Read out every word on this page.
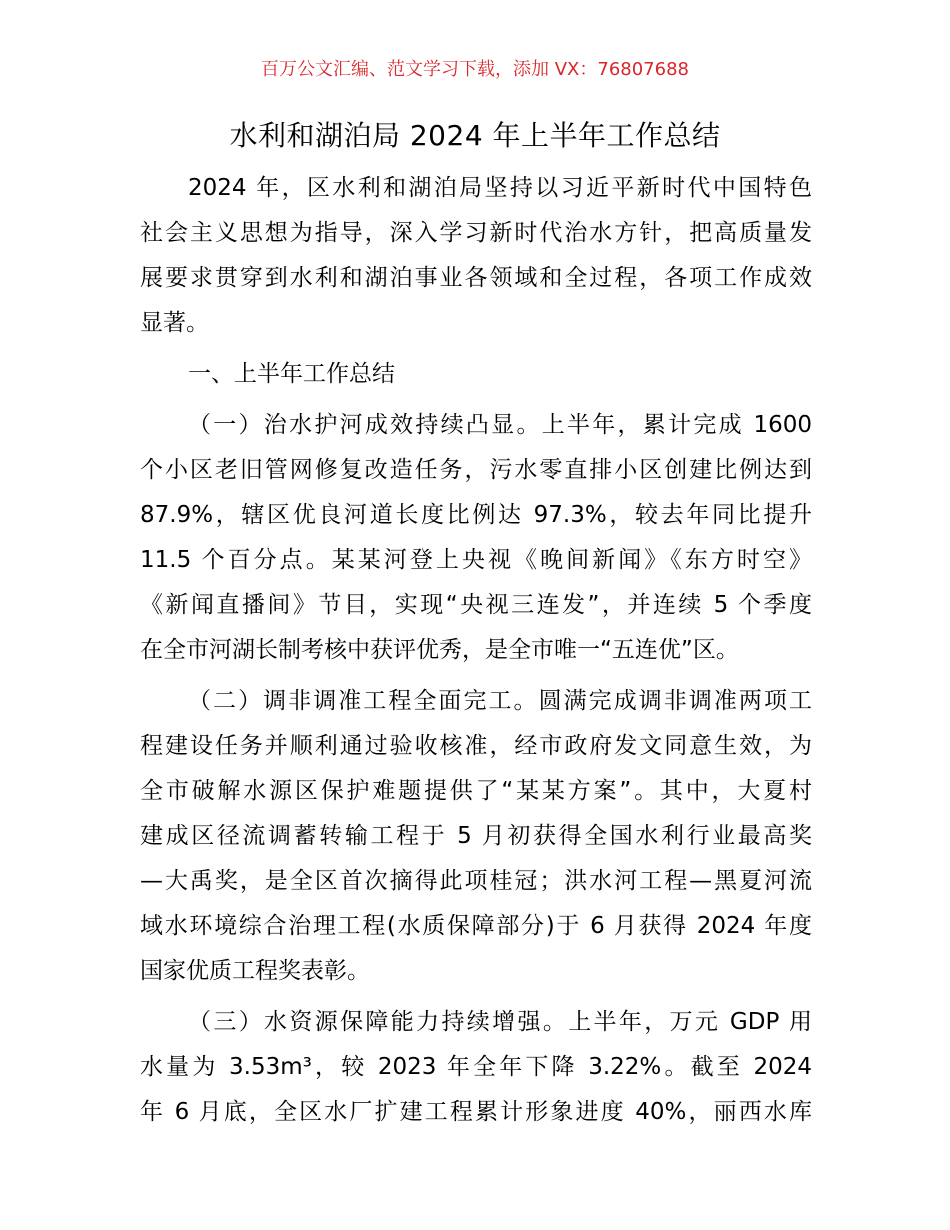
百万公文汇编、范文学习下载，添加 VX：76807688
水利和湖泊局 2024 年上半年工作总结
2024 年，区水利和湖泊局坚持以习近平新时代中国特色
社会主义思想为指导，深入学习新时代治水方针，把高质量发
展要求贯穿到水利和湖泊事业各领域和全过程，各项工作成效
显著。
一、上半年工作总结
（一）治水护河成效持续凸显。上半年，累计完成 1600
个小区老旧管网修复改造任务，污水零直排小区创建比例达到
87.9%，辖区优良河道长度比例达 97.3%，较去年同比提升
11.5 个百分点。某某河登上央视《晚间新闻》《东方时空》
《新闻直播间》节目，实现“央视三连发”，并连续 5 个季度
在全市河湖长制考核中获评优秀，是全市唯一“五连优”区。
（二）调非调准工程全面完工。圆满完成调非调准两项工
程建设任务并顺利通过验收核准，经市政府发文同意生效，为
全市破解水源区保护难题提供了“某某方案”。其中，大夏村
建成区径流调蓄转输工程于 5 月初获得全国水利行业最高奖
—大禹奖，是全区首次摘得此项桂冠；洪水河工程—黑夏河流
域水环境综合治理工程(水质保障部分)于 6 月获得 2024 年度
国家优质工程奖表彰。
（三）水资源保障能力持续增强。上半年，万元 GDP 用
水量为 3.53m³，较 2023 年全年下降 3.22%。截至 2024
年 6 月底，全区水厂扩建工程累计形象进度 40%，丽西水库
